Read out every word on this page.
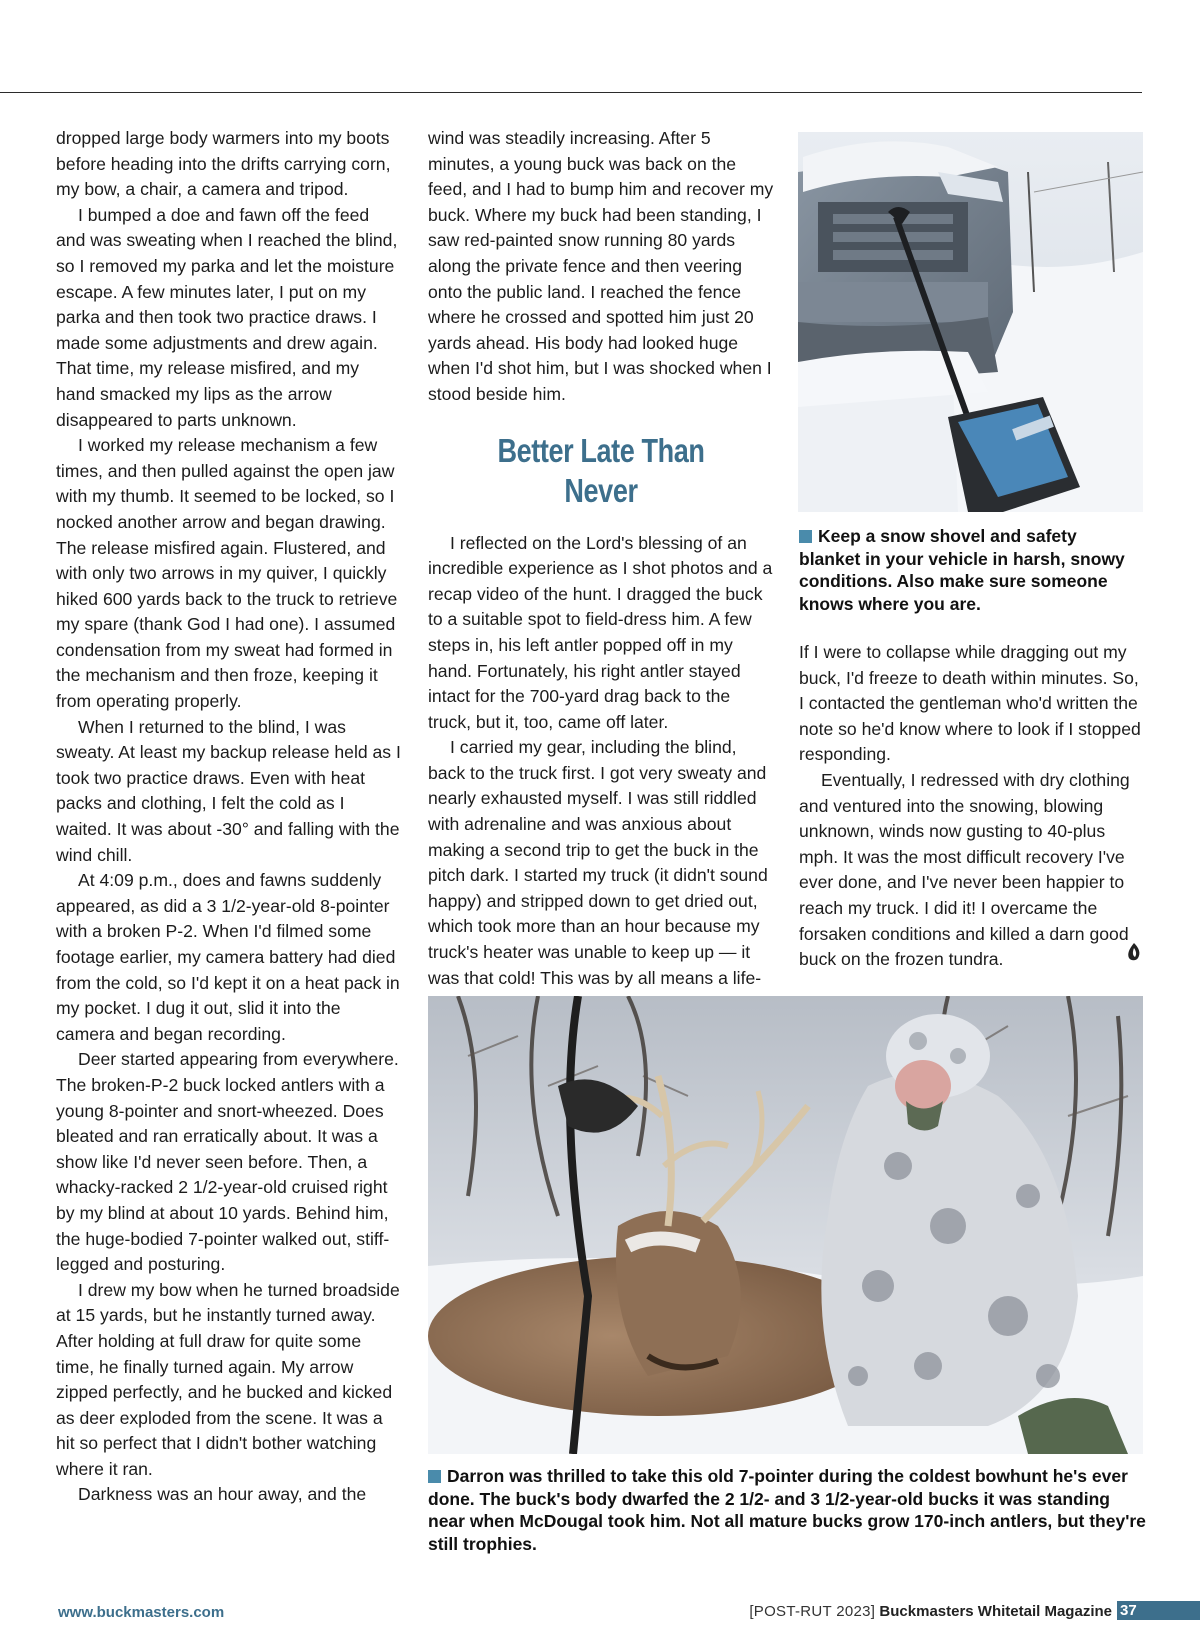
dropped large body warmers into my boots before heading into the drifts carrying corn, my bow, a chair, a camera and tripod.

I bumped a doe and fawn off the feed and was sweating when I reached the blind, so I removed my parka and let the moisture escape. A few minutes later, I put on my parka and then took two practice draws. I made some adjustments and drew again. That time, my release misfired, and my hand smacked my lips as the arrow disappeared to parts unknown.

I worked my release mechanism a few times, and then pulled against the open jaw with my thumb. It seemed to be locked, so I nocked another arrow and began drawing. The release misfired again. Flustered, and with only two arrows in my quiver, I quickly hiked 600 yards back to the truck to retrieve my spare (thank God I had one). I assumed condensation from my sweat had formed in the mechanism and then froze, keeping it from operating properly.

When I returned to the blind, I was sweaty. At least my backup release held as I took two practice draws. Even with heat packs and clothing, I felt the cold as I waited. It was about -30° and falling with the wind chill.

At 4:09 p.m., does and fawns suddenly appeared, as did a 3 1/2-year-old 8-pointer with a broken P-2. When I'd filmed some footage earlier, my camera battery had died from the cold, so I'd kept it on a heat pack in my pocket. I dug it out, slid it into the camera and began recording.

Deer started appearing from everywhere. The broken-P-2 buck locked antlers with a young 8-pointer and snort-wheezed. Does bleated and ran erratically about. It was a show like I'd never seen before. Then, a whacky-racked 2 1/2-year-old cruised right by my blind at about 10 yards. Behind him, the huge-bodied 7-pointer walked out, stiff-legged and posturing.

I drew my bow when he turned broadside at 15 yards, but he instantly turned away. After holding at full draw for quite some time, he finally turned again. My arrow zipped perfectly, and he bucked and kicked as deer exploded from the scene. It was a hit so perfect that I didn't bother watching where it ran.

Darkness was an hour away, and the

wind was steadily increasing. After 5 minutes, a young buck was back on the feed, and I had to bump him and recover my buck. Where my buck had been standing, I saw red-painted snow running 80 yards along the private fence and then veering onto the public land. I reached the fence where he crossed and spotted him just 20 yards ahead. His body had looked huge when I'd shot him, but I was shocked when I stood beside him.

Better Late Than Never

I reflected on the Lord's blessing of an incredible experience as I shot photos and a recap video of the hunt. I dragged the buck to a suitable spot to field-dress him. A few steps in, his left antler popped off in my hand. Fortunately, his right antler stayed intact for the 700-yard drag back to the truck, but it, too, came off later.

I carried my gear, including the blind, back to the truck first. I got very sweaty and nearly exhausted myself. I was still riddled with adrenaline and was anxious about making a second trip to get the buck in the pitch dark. I started my truck (it didn't sound happy) and stripped down to get dried out, which took more than an hour because my truck's heater was unable to keep up — it was that cold! This was by all means a life-

Keep a snow shovel and safety blanket in your vehicle in harsh, snowy conditions. Also make sure someone knows where you are.

If I were to collapse while dragging out my buck, I'd freeze to death within minutes. So, I contacted the gentleman who'd written the note so he'd know where to look if I stopped responding.

Eventually, I redressed with dry clothing and ventured into the snowing, blowing unknown, winds now gusting to 40-plus mph. It was the most difficult recovery I've ever done, and I've never been happier to reach my truck. I did it! I overcame the forsaken conditions and killed a darn good buck on the frozen tundra.

Darron was thrilled to take this old 7-pointer during the coldest bowhunt he's ever done. The buck's body dwarfed the 2 1/2- and 3 1/2-year-old bucks it was standing near when McDougal took him. Not all mature bucks grow 170-inch antlers, but they're still trophies.
www.buckmasters.com	[POST-RUT 2023] Buckmasters Whitetail Magazine 37
